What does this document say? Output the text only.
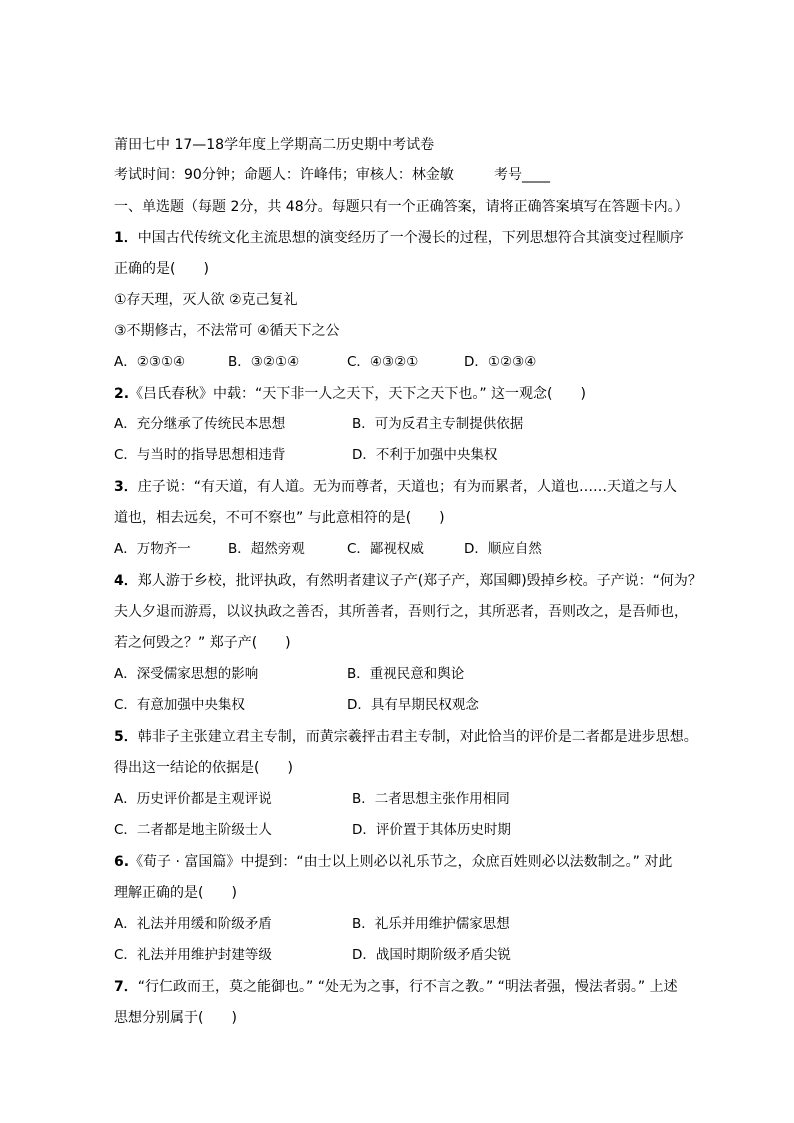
莆田七中 17—18学年度上学期高二历史期中考试卷
考试时间：90分钟；命题人：许峰伟；审核人：林金敏	考号____
一、单选题（每题 2分，共 48分。每题只有一个正确答案，请将正确答案填写在答题卡内。）
1．中国古代传统文化主流思想的演变经历了一个漫长的过程，下列思想符合其演变过程顺序
正确的是(　　)
①存天理，灭人欲 ②克己复礼
③不期修古，不法常可 ④循天下之公
A．②③①④	B．③②①④	C．④③②①	D．①②③④
2.《吕氏春秋》中载：“天下非一人之天下，天下之天下也。” 这一观念(　　)
A．充分继承了传统民本思想	B．可为反君主专制提供依据
C．与当时的指导思想相违背	D．不利于加强中央集权
3．庄子说：“有天道，有人道。无为而尊者，天道也；有为而累者，人道也……天道之与人
道也，相去远矣，不可不察也” 与此意相符的是(　　)
A．万物齐一	B．超然旁观	C．鄙视权威	D．顺应自然
4．郑人游于乡校，批评执政，有然明者建议子产(郑子产，郑国卿)毁掉乡校。子产说：“何为？
夫人夕退而游焉，以议执政之善否，其所善者，吾则行之，其所恶者，吾则改之，是吾师也，
若之何毁之？” 郑子产(　　)
A．深受儒家思想的影响	B．重视民意和舆论
C．有意加强中央集权	D．具有早期民权观念
5．韩非子主张建立君主专制，而黄宗羲抨击君主专制，对此恰当的评价是二者都是进步思想。
得出这一结论的依据是(　　)
A．历史评价都是主观评说	B．二者思想主张作用相同
C．二者都是地主阶级士人	D．评价置于其体历史时期
6.《荀子 · 富国篇》中提到：“由士以上则必以礼乐节之，众庶百姓则必以法数制之。” 对此
理解正确的是(　　)
A．礼法并用缓和阶级矛盾	B．礼乐并用维护儒家思想
C．礼法并用维护封建等级	D．战国时期阶级矛盾尖锐
7．“行仁政而王，莫之能御也。” “处无为之事，行不言之教。” “明法者强，慢法者弱。” 上述
思想分别属于(　　)
